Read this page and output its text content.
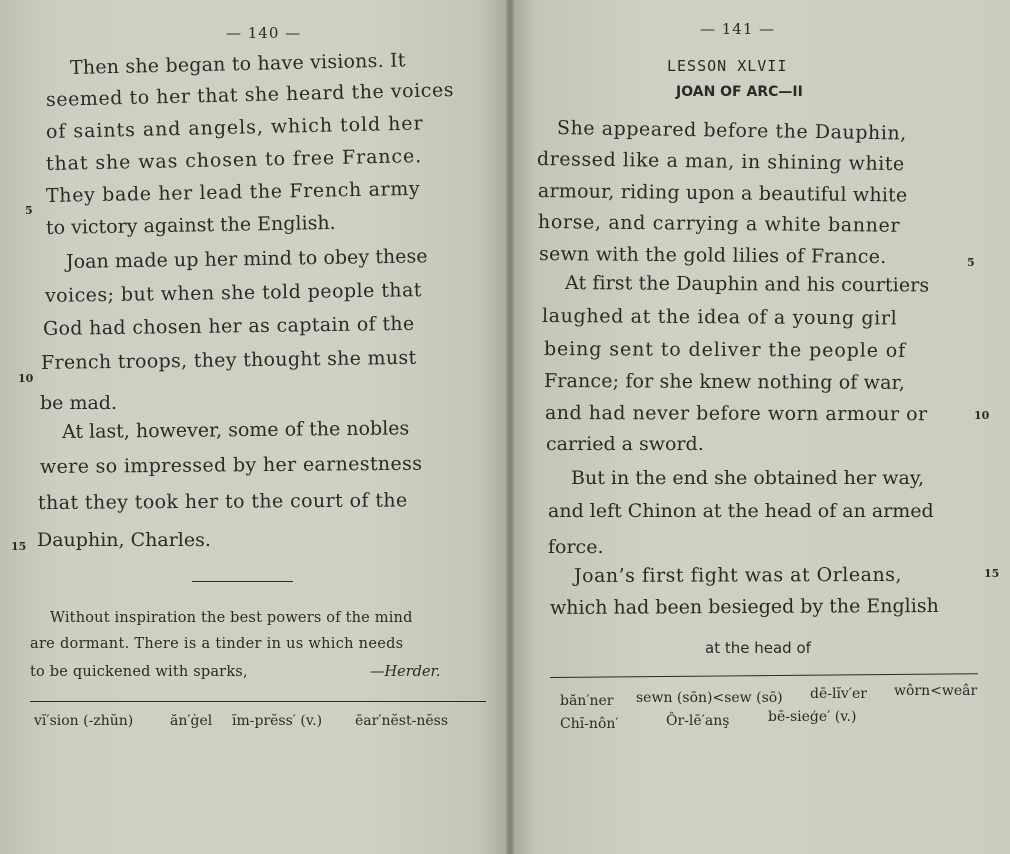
— 140 —
Then she began to have visions. It
seemed to her that she heard the voices
of saints and angels, which told her
that she was chosen to free France.
They bade her lead the French army
to victory against the English.
Joan made up her mind to obey these
voices; but when she told people that
God had chosen her as captain of the
French troops, they thought she must
be mad.
At last, however, some of the nobles
were so impressed by her earnestness
that they took her to the court of the
Dauphin, Charles.
5
10
15
Without inspiration the best powers of the mind
are dormant. There is a tinder in us which needs
to be quickened with sparks,	—Herder.
vĭ′sion (-zhŭn)	ăn′ġel ĭm-prĕss′ (v.) ēar′nĕst-nĕss
— 141 —
LESSON XLVII
JOAN OF ARC—II
She appeared before the Dauphin,
dressed like a man, in shining white
armour, riding upon a beautiful white
horse, and carrying a white banner
sewn with the gold lilies of France.
At first the Dauphin and his courtiers
laughed at the idea of a young girl
being sent to deliver the people of
France; for she knew nothing of war,
and had never before worn armour or
carried a sword.
But in the end she obtained her way,
and left Chinon at the head of an armed
force.
Joan’s first fight was at Orleans,
which had been besieged by the English
5
10
15
at the head of
băn′ner sewn (sōn)<sew (sō) dē-lĭv′er wôrn<weâr
Chĭ-nôn′	Ôr-lē′anş	bē-sieģe′ (v.)
